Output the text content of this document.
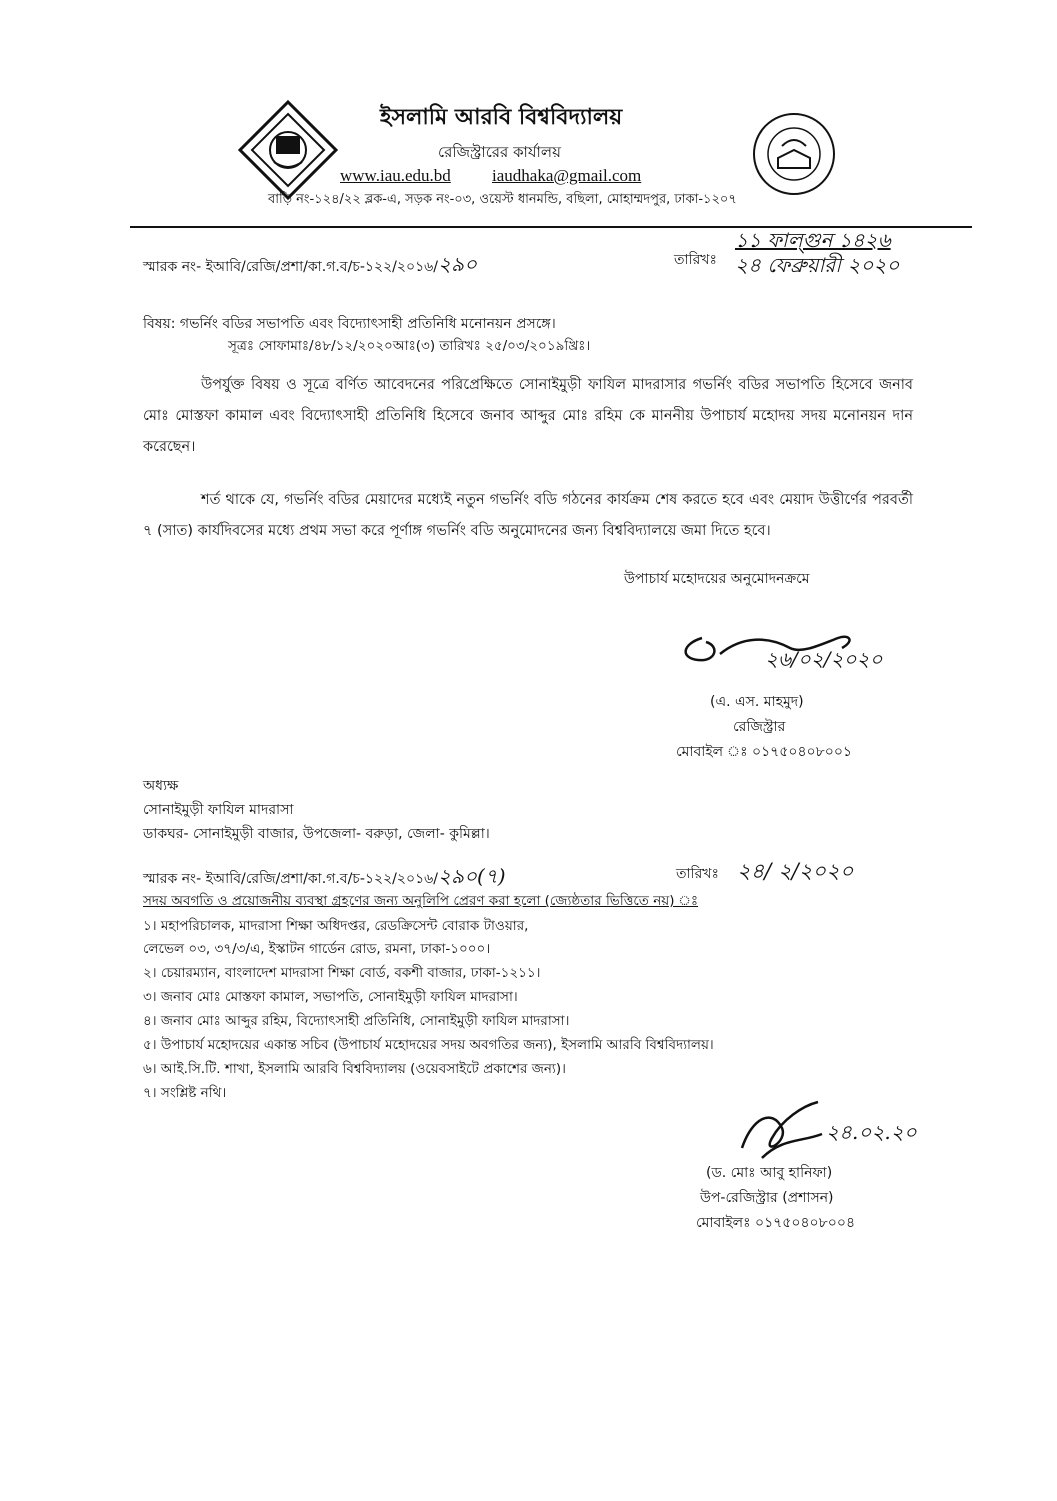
ইসলামি আরবি বিশ্ববিদ্যালয়
রেজিস্ট্রারের কার্যালয়
www.iau.edu.bd iaudhaka@gmail.com
বাড়ি নং-১২৪/২২ ব্লক-এ, সড়ক নং-০৩, ওয়েস্ট ধানমন্ডি, বছিলা, মোহাম্মদপুর, ঢাকা-১২০৭
স্মারক নং- ইআবি/রেজি/প্রশা/কা.গ.ব/চ-১২২/২০১৬/২৯০	তারিখঃ
১১ ফাল্গুন ১৪২৬
২৪ ফেব্রুয়ারী ২০২০
বিষয়: গভর্নিং বডির সভাপতি এবং বিদ্যোৎসাহী প্রতিনিধি মনোনয়ন প্রসঙ্গে।
সূত্রঃ সোফামাঃ/৪৮/১২/২০২০আঃ(৩) তারিখঃ ২৫/০৩/২০১৯খ্রিঃ।
উপর্যুক্ত বিষয় ও সূত্রে বর্ণিত আবেদনের পরিপ্রেক্ষিতে সোনাইমুড়ী ফাযিল মাদরাসার গভর্নিং বডির সভাপতি হিসেবে জনাব মোঃ মোস্তফা কামাল এবং বিদ্যোৎসাহী প্রতিনিধি হিসেবে জনাব আব্দুর মোঃ রহিম কে মাননীয় উপাচার্য মহোদয় সদয় মনোনয়ন দান করেছেন।
শর্ত থাকে যে, গভর্নিং বডির মেয়াদের মধ্যেই নতুন গভর্নিং বডি গঠনের কার্যক্রম শেষ করতে হবে এবং মেয়াদ উত্তীর্ণের পরবর্তী ৭ (সাত) কার্যদিবসের মধ্যে প্রথম সভা করে পূর্ণাঙ্গ গভর্নিং বডি অনুমোদনের জন্য বিশ্ববিদ্যালয়ে জমা দিতে হবে।
উপাচার্য মহোদয়ের অনুমোদনক্রমে
২৬/০২/২০২০
(এ. এস. মাহমুদ)
রেজিস্ট্রার
মোবাইল ঃ ০১৭৫০৪০৮০০১
অধ্যক্ষ
সোনাইমুড়ী ফাযিল মাদরাসা
ডাকঘর- সোনাইমুড়ী বাজার, উপজেলা- বরুড়া, জেলা- কুমিল্লা।
স্মারক নং- ইআবি/রেজি/প্রশা/কা.গ.ব/চ-১২২/২০১৬/২৯০(৭)	তারিখঃ ২৪/ ২/২০২০
সদয় অবগতি ও প্রয়োজনীয় ব্যবস্থা গ্রহণের জন্য অনুলিপি প্রেরণ করা হলো (জ্যেষ্ঠতার ভিত্তিতে নয়) ঃ
১। মহাপরিচালক, মাদরাসা শিক্ষা অধিদপ্তর, রেডক্রিসেন্ট বোরাক টাওয়ার,
লেভেল ০৩, ৩৭/৩/এ, ইস্কাটন গার্ডেন রোড, রমনা, ঢাকা-১০০০।
২। চেয়ারম্যান, বাংলাদেশ মাদরাসা শিক্ষা বোর্ড, বকশী বাজার, ঢাকা-১২১১।
৩। জনাব মোঃ মোস্তফা কামাল, সভাপতি, সোনাইমুড়ী ফাযিল মাদরাসা।
৪। জনাব মোঃ আব্দুর রহিম, বিদ্যোৎসাহী প্রতিনিধি, সোনাইমুড়ী ফাযিল মাদরাসা।
৫। উপাচার্য মহোদয়ের একান্ত সচিব (উপাচার্য মহোদয়ের সদয় অবগতির জন্য), ইসলামি আরবি বিশ্ববিদ্যালয়।
৬। আই.সি.টি. শাখা, ইসলামি আরবি বিশ্ববিদ্যালয় (ওয়েবসাইটে প্রকাশের জন্য)।
৭। সংশ্লিষ্ট নথি।
২৪.০২.২০
(ড. মোঃ আবু হানিফা)
উপ-রেজিস্ট্রার (প্রশাসন)
মোবাইলঃ ০১৭৫০৪০৮০০৪
